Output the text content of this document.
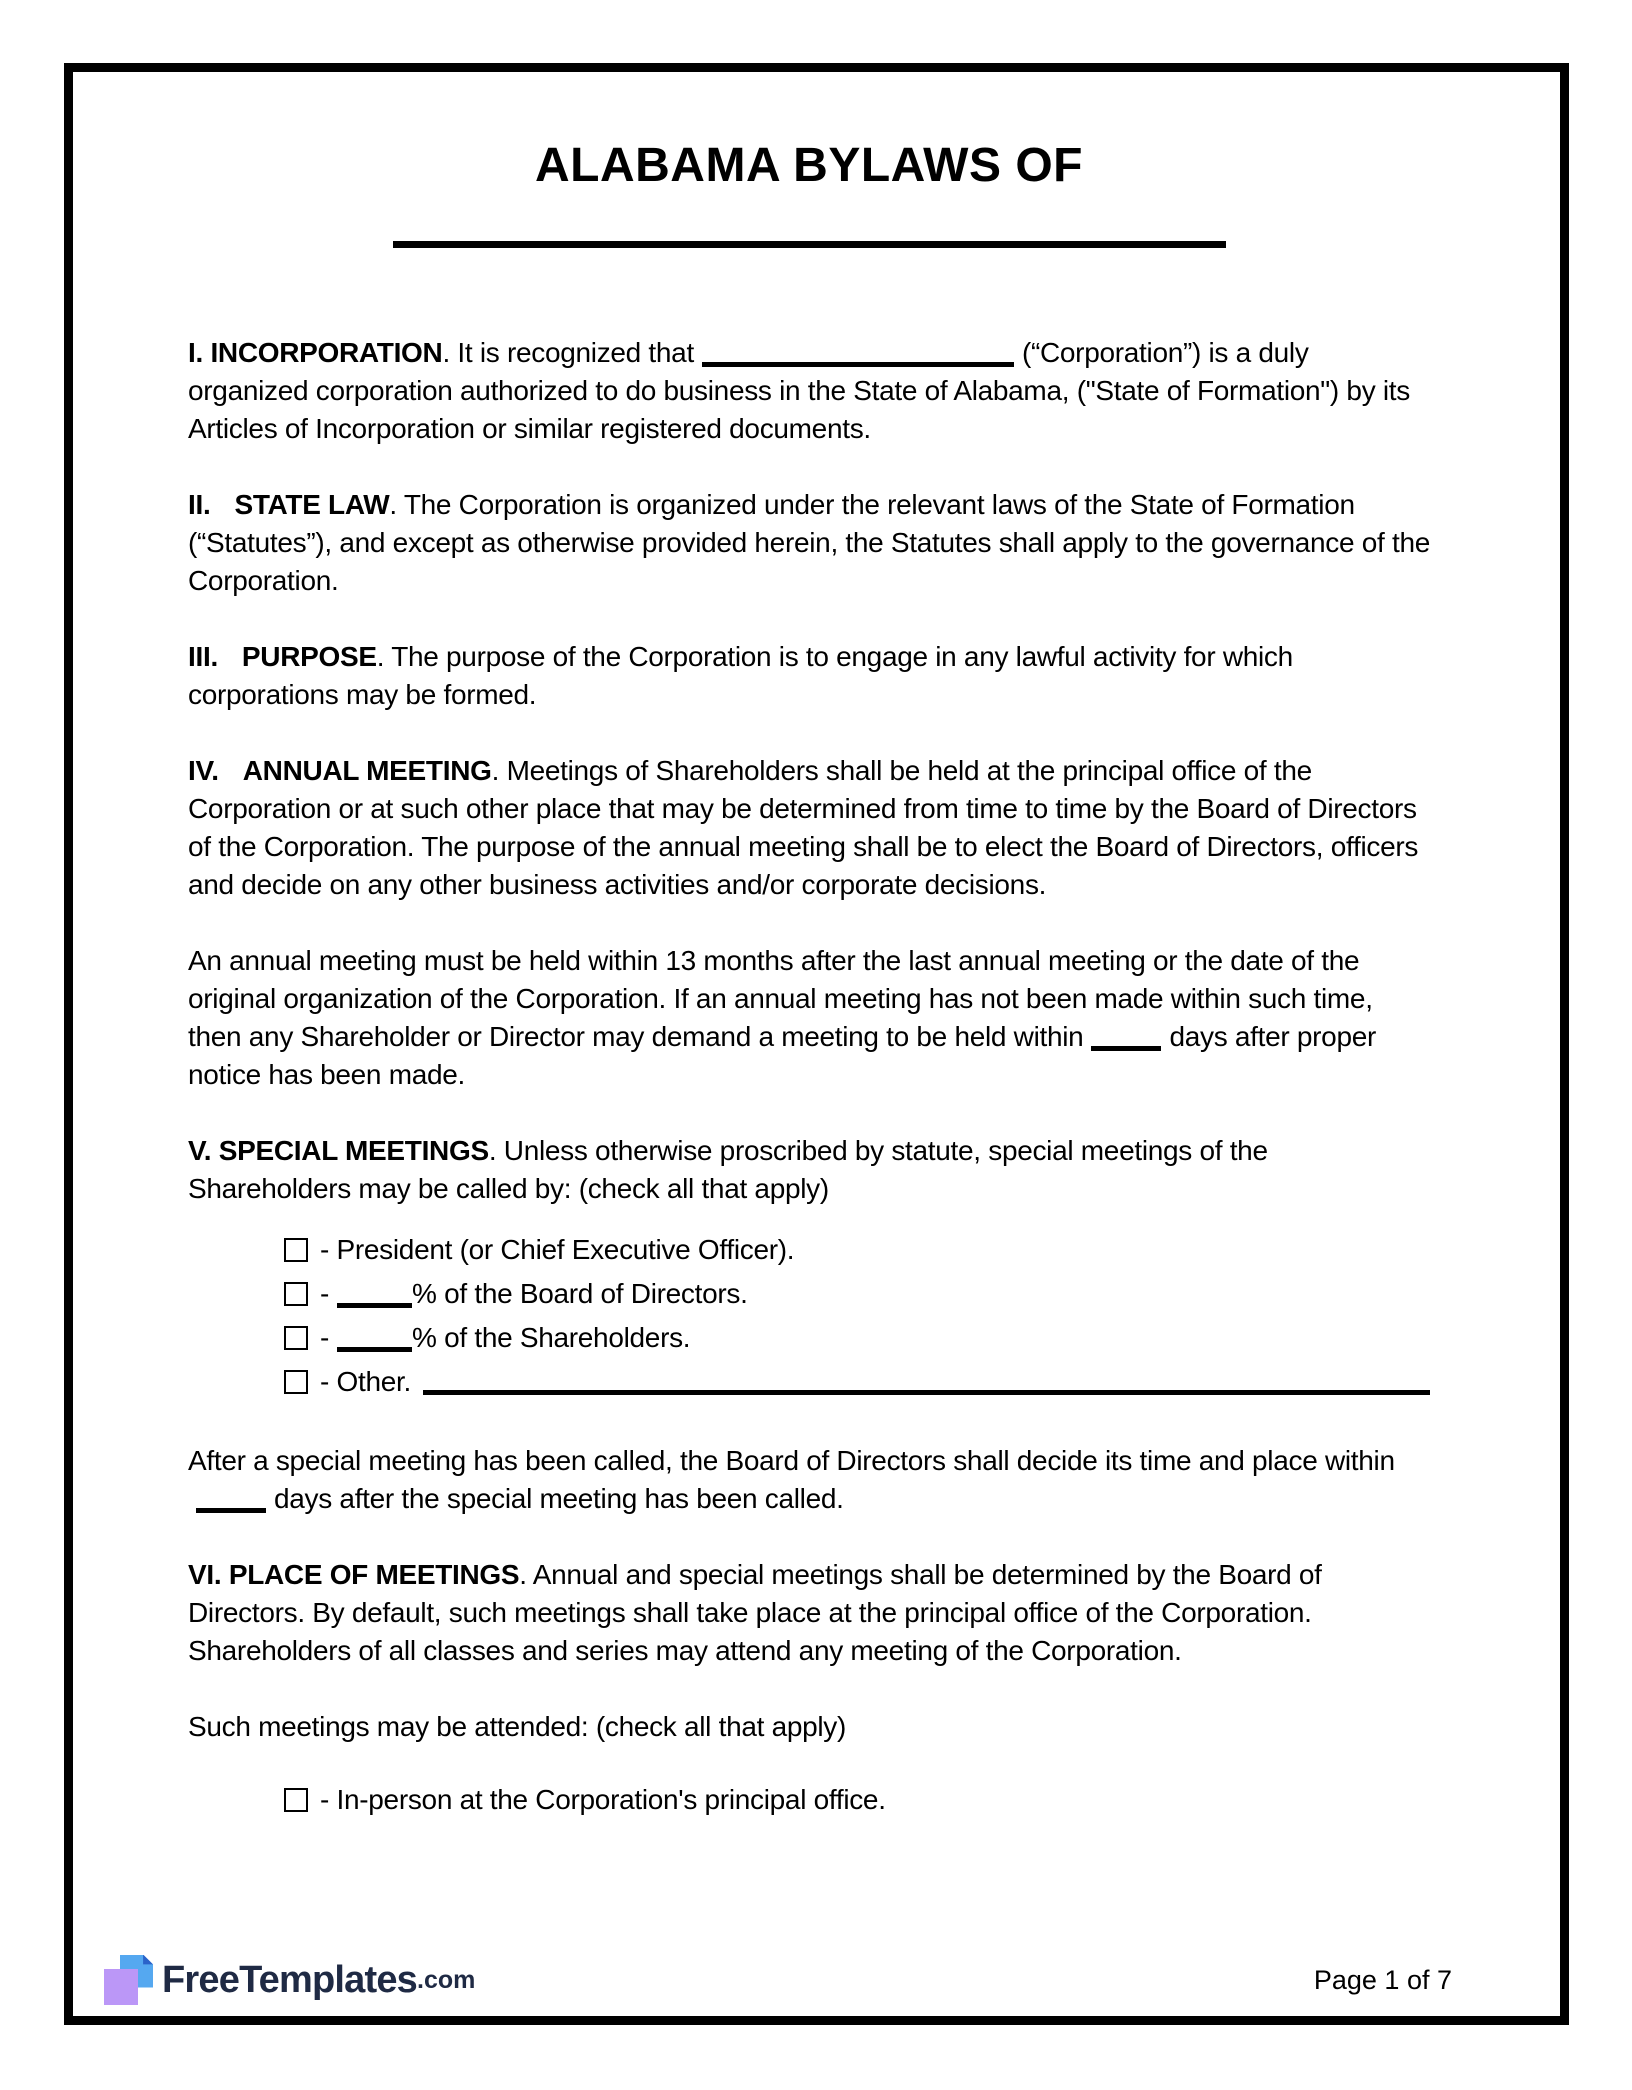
ALABAMA BYLAWS OF

I. INCORPORATION. It is recognized that	(“Corporation”) is a duly organized corporation authorized to do business in the State of Alabama, ("State of Formation") by its Articles of Incorporation or similar registered documents.

II. STATE LAW. The Corporation is organized under the relevant laws of the State of Formation (“Statutes”), and except as otherwise provided herein, the Statutes shall apply to the governance of the Corporation.

III. PURPOSE. The purpose of the Corporation is to engage in any lawful activity for which corporations may be formed.

IV. ANNUAL MEETING. Meetings of Shareholders shall be held at the principal office of the Corporation or at such other place that may be determined from time to time by the Board of Directors of the Corporation. The purpose of the annual meeting shall be to elect the Board of Directors, officers and decide on any other business activities and/or corporate decisions.

An annual meeting must be held within 13 months after the last annual meeting or the date of the original organization of the Corporation. If an annual meeting has not been made within such time, then any Shareholder or Director may demand a meeting to be held within	days after proper notice has been made.

V. SPECIAL MEETINGS. Unless otherwise proscribed by statute, special meetings of the Shareholders may be called by: (check all that apply)

- President (or Chief Executive Officer).
-	% of the Board of Directors.
-	% of the Shareholders.
- Other.

After a special meeting has been called, the Board of Directors shall decide its time and place withindays after the special meeting has been called.

VI. PLACE OF MEETINGS. Annual and special meetings shall be determined by the Board of Directors. By default, such meetings shall take place at the principal office of the Corporation. Shareholders of all classes and series may attend any meeting of the Corporation.

Such meetings may be attended: (check all that apply)

- In-person at the Corporation's principal office.
FreeTemplates .com	Page 1 of 7
